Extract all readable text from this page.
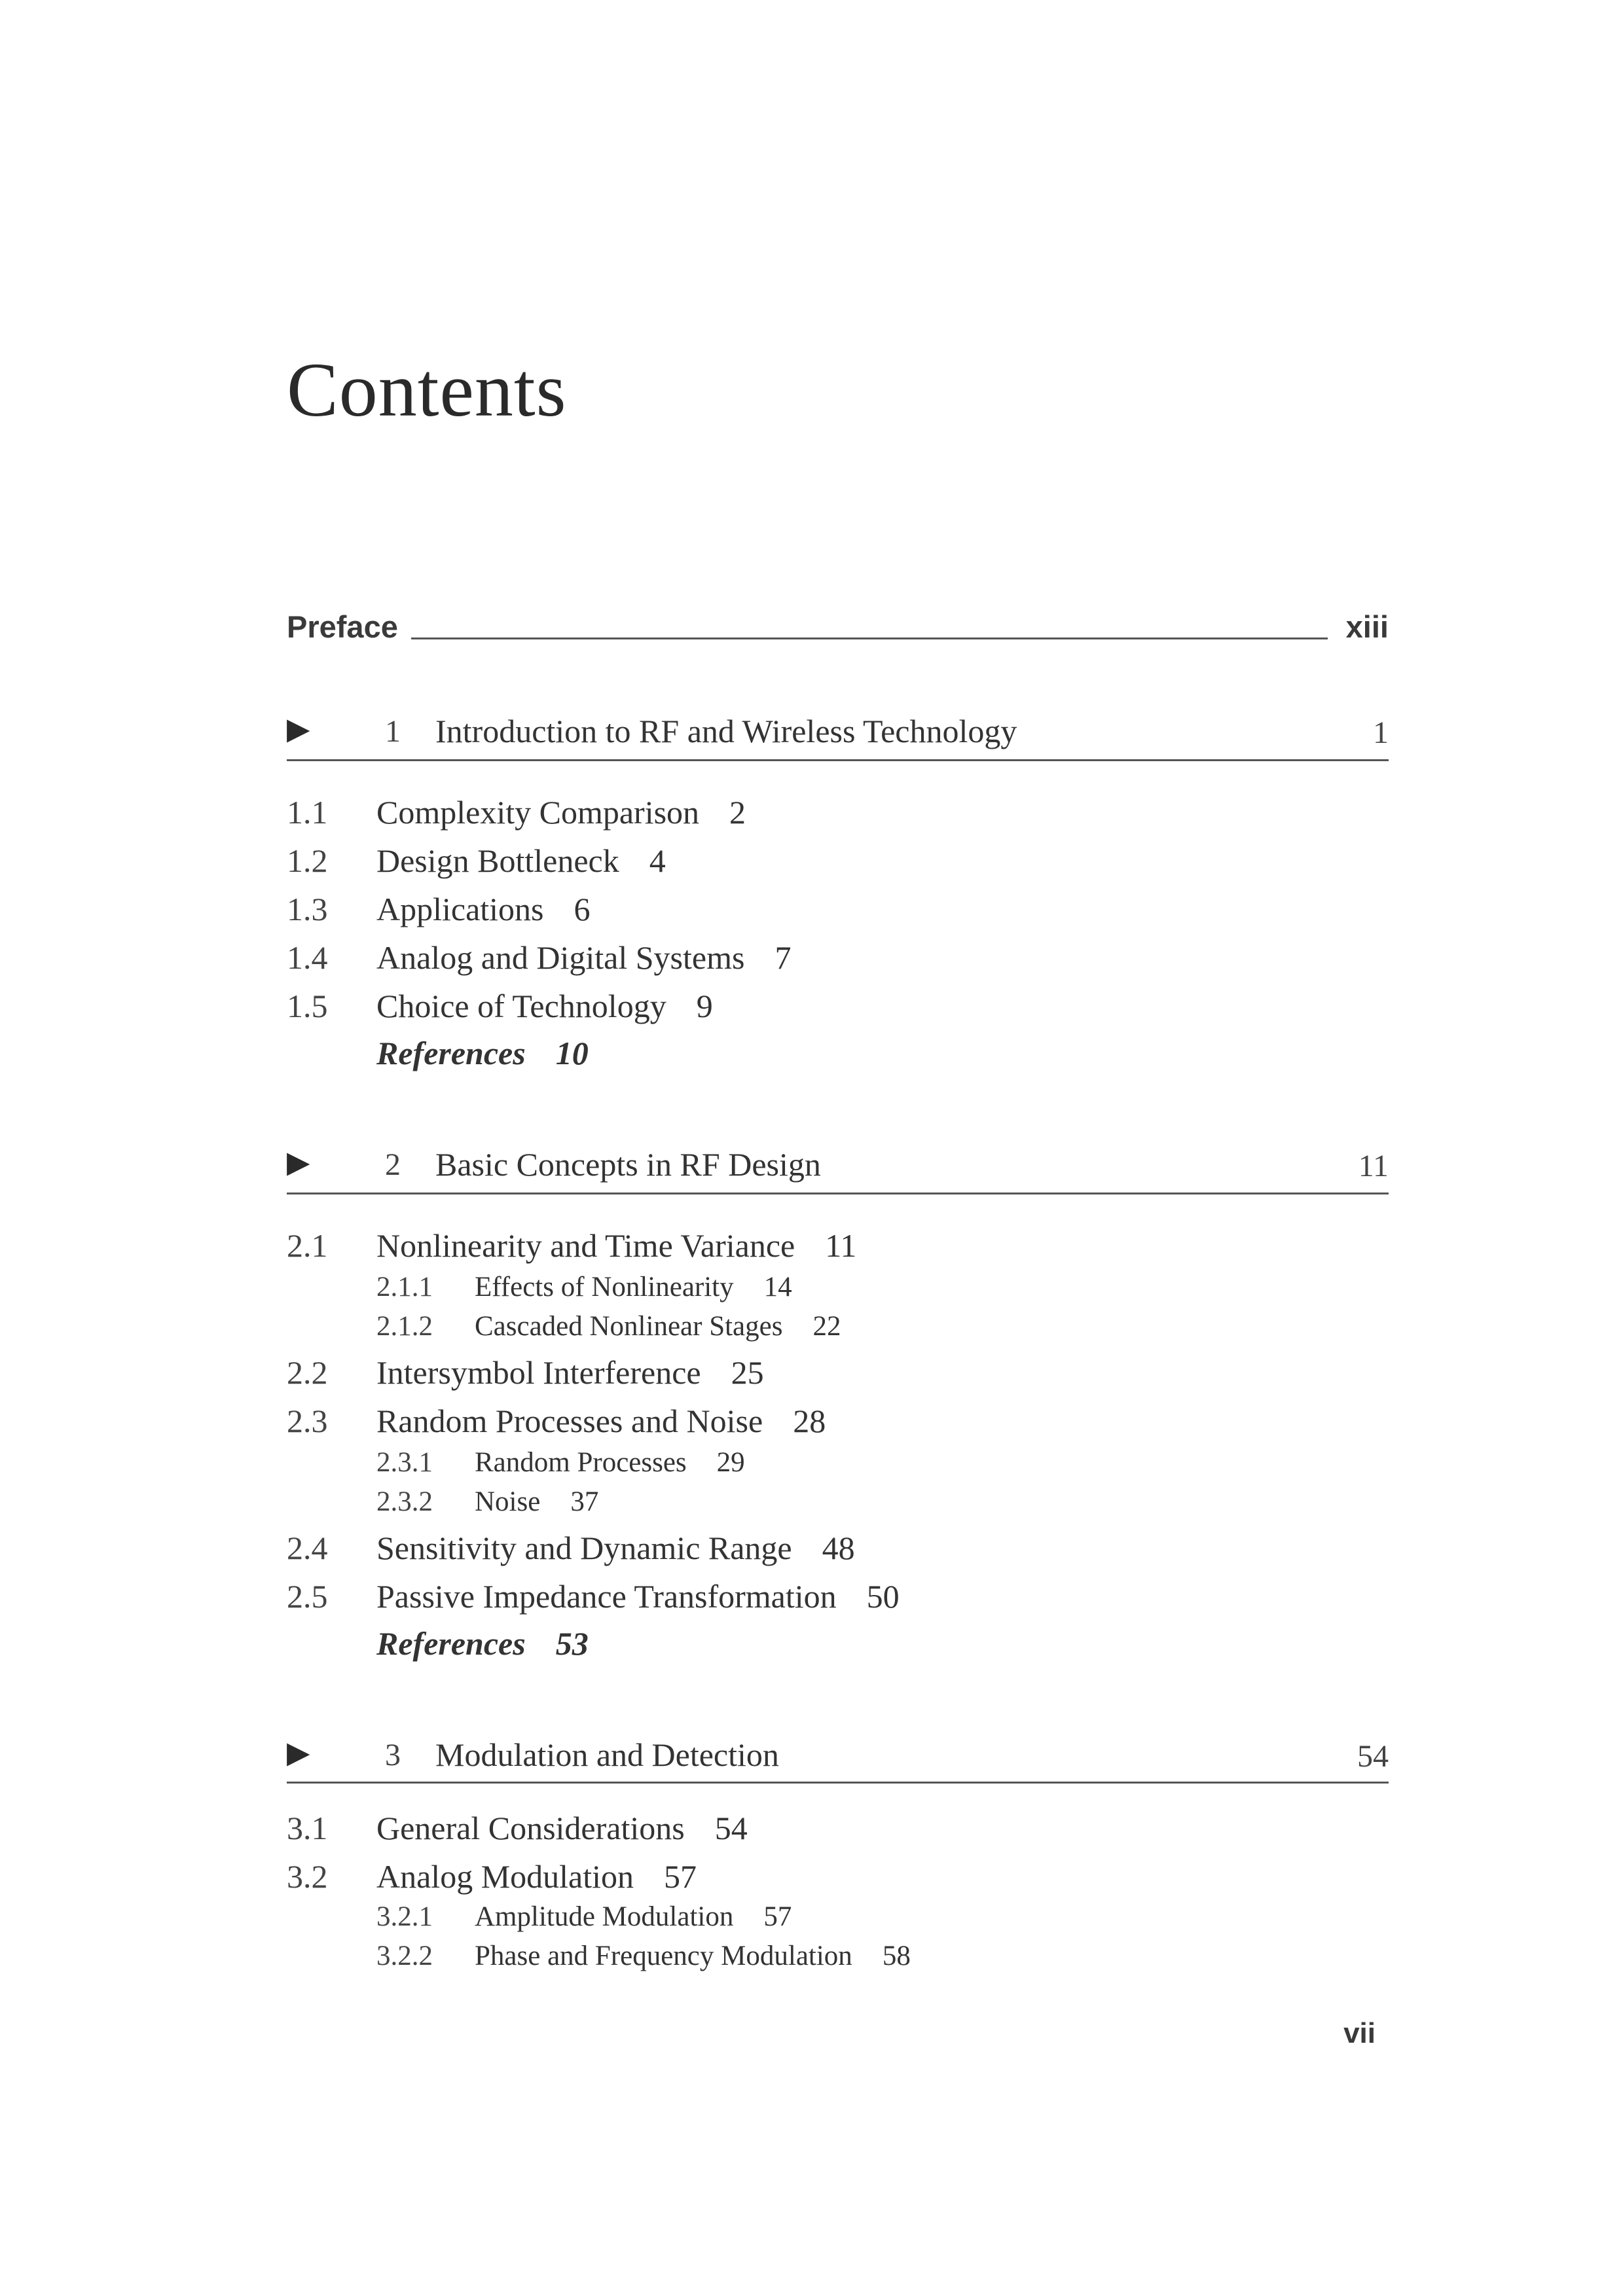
Contents
Preface	xiii
▶ 1 Introduction to RF and Wireless Technology	1
1.1 Complexity Comparison 2
1.2 Design Bottleneck 4
1.3 Applications 6
1.4 Analog and Digital Systems 7
1.5 Choice of Technology 9
References 10
▶ 2 Basic Concepts in RF Design	11
2.1 Nonlinearity and Time Variance 11
2.1.1 Effects of Nonlinearity 14
2.1.2 Cascaded Nonlinear Stages 22
2.2 Intersymbol Interference 25
2.3 Random Processes and Noise 28
2.3.1 Random Processes 29
2.3.2 Noise 37
2.4 Sensitivity and Dynamic Range 48
2.5 Passive Impedance Transformation 50
References 53
▶ 3 Modulation and Detection	54
3.1 General Considerations 54
3.2 Analog Modulation 57
3.2.1 Amplitude Modulation 57
3.2.2 Phase and Frequency Modulation 58
vii
